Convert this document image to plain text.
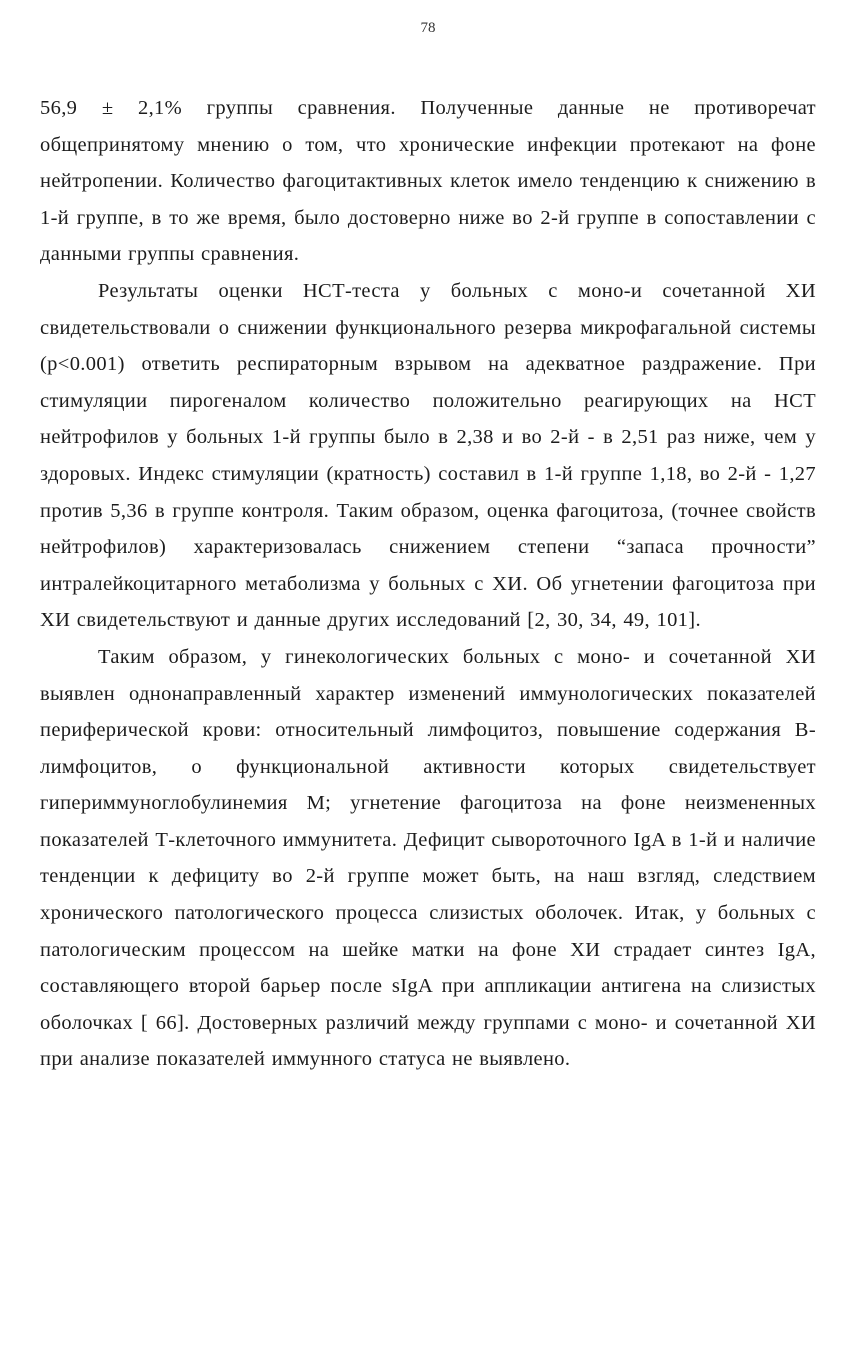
78

56,9 ± 2,1% группы сравнения. Полученные данные не противоречат общепринятому мнению о том, что хронические инфекции протекают на фоне нейтропении. Количество фагоцитактивных клеток имело тенденцию к снижению в 1-й группе, в то же время, было достоверно ниже во 2-й группе в сопоставлении с данными группы сравнения.

Результаты оценки НСТ-теста у больных с моно-и сочетанной ХИ свидетельствовали о снижении функционального резерва микрофагальной системы (р<0.001) ответить респираторным взрывом на адекватное раздражение. При стимуляции пирогеналом количество положительно реагирующих на НСТ нейтрофилов у больных 1-й группы было в 2,38 и во 2-й - в 2,51 раз ниже, чем у здоровых. Индекс стимуляции (кратность) составил в 1-й группе 1,18, во 2-й - 1,27 против 5,36 в группе контроля. Таким образом, оценка фагоцитоза, (точнее свойств нейтрофилов) характеризовалась снижением степени “запаса прочности” интралейкоцитарного метаболизма у больных с ХИ. Об угнетении фагоцитоза при ХИ свидетельствуют и данные других исследований [2, 30, 34, 49, 101].

Таким образом, у гинекологических больных с моно- и сочетанной ХИ выявлен однонаправленный характер изменений иммунологических показателей периферической крови: относительный лимфоцитоз, повышение содержания В-лимфоцитов, о функциональной активности которых свидетельствует гипериммуноглобулинемия М; угнетение фагоцитоза на фоне неизмененных показателей Т-клеточного иммунитета. Дефицит сывороточного IgA в 1-й и наличие тенденции к дефициту во 2-й группе может быть, на наш взгляд, следствием хронического патологического процесса слизистых оболочек. Итак, у больных с патологическим процессом на шейке матки на фоне ХИ страдает синтез IgA, составляющего второй барьер после sIgA при аппликации антигена на слизистых оболочках [ 66]. Достоверных различий между группами с моно- и сочетанной ХИ при анализе показателей иммунного статуса не выявлено.
